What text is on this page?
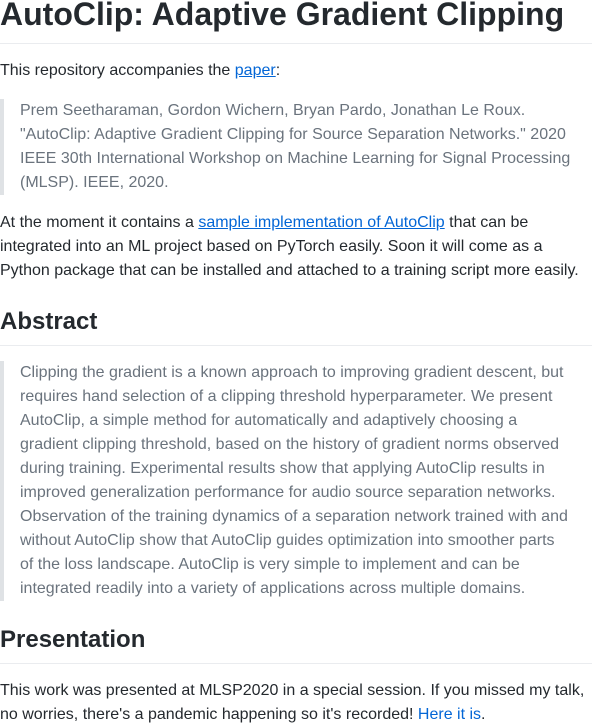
AutoClip: Adaptive Gradient Clipping

This repository accompanies the paper:

Prem Seetharaman, Gordon Wichern, Bryan Pardo, Jonathan Le Roux. "AutoClip: Adaptive Gradient Clipping for Source Separation Networks." 2020 IEEE 30th International Workshop on Machine Learning for Signal Processing (MLSP). IEEE, 2020.

At the moment it contains a sample implementation of AutoClip that can be integrated into an ML project based on PyTorch easily. Soon it will come as a Python package that can be installed and attached to a training script more easily.

Abstract

Clipping the gradient is a known approach to improving gradient descent, but requires hand selection of a clipping threshold hyperparameter. We present AutoClip, a simple method for automatically and adaptively choosing a gradient clipping threshold, based on the history of gradient norms observed during training. Experimental results show that applying AutoClip results in improved generalization performance for audio source separation networks. Observation of the training dynamics of a separation network trained with and without AutoClip show that AutoClip guides optimization into smoother parts of the loss landscape. AutoClip is very simple to implement and can be integrated readily into a variety of applications across multiple domains.

Presentation

This work was presented at MLSP2020 in a special session. If you missed my talk, no worries, there's a pandemic happening so it's recorded! Here it is.
